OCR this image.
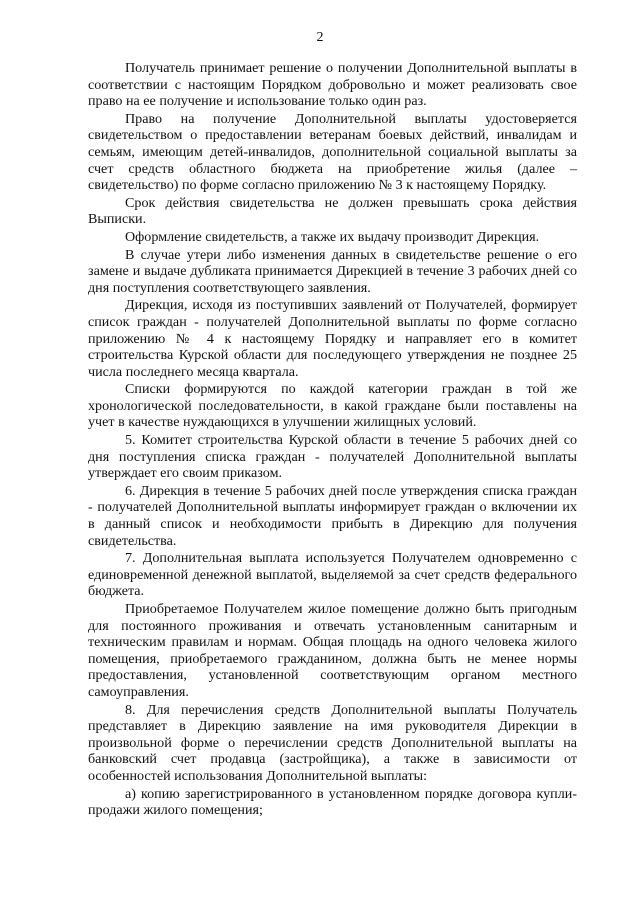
2

Получатель принимает решение о получении Дополнительной выплаты в соответствии с настоящим Порядком добровольно и может реализовать свое право на ее получение и использование только один раз.

Право на получение Дополнительной выплаты удостоверяется свидетельством о предоставлении ветеранам боевых действий, инвалидам и семьям, имеющим детей-инвалидов, дополнительной социальной выплаты за счет средств областного бюджета на приобретение жилья (далее – свидетельство) по форме согласно приложению № 3 к настоящему Порядку.

Срок действия свидетельства не должен превышать срока действия Выписки.

Оформление свидетельств, а также их выдачу производит Дирекция.

В случае утери либо изменения данных в свидетельстве решение о его замене и выдаче дубликата принимается Дирекцией в течение 3 рабочих дней со дня поступления соответствующего заявления.

Дирекция, исходя из поступивших заявлений от Получателей, формирует список граждан - получателей Дополнительной выплаты по форме согласно приложению № 4 к настоящему Порядку и направляет его в комитет строительства Курской области для последующего утверждения не позднее 25 числа последнего месяца квартала.

Списки формируются по каждой категории граждан в той же хронологической последовательности, в какой граждане были поставлены на учет в качестве нуждающихся в улучшении жилищных условий.

5. Комитет строительства Курской области в течение 5 рабочих дней со дня поступления списка граждан - получателей Дополнительной выплаты утверждает его своим приказом.

6. Дирекция в течение 5 рабочих дней после утверждения списка граждан - получателей Дополнительной выплаты информирует граждан о включении их в данный список и необходимости прибыть в Дирекцию для получения свидетельства.

7. Дополнительная выплата используется Получателем одновременно с единовременной денежной выплатой, выделяемой за счет средств федерального бюджета.

Приобретаемое Получателем жилое помещение должно быть пригодным для постоянного проживания и отвечать установленным санитарным и техническим правилам и нормам. Общая площадь на одного человека жилого помещения, приобретаемого гражданином, должна быть не менее нормы предоставления, установленной соответствующим органом местного самоуправления.

8. Для перечисления средств Дополнительной выплаты Получатель представляет в Дирекцию заявление на имя руководителя Дирекции в произвольной форме о перечислении средств Дополнительной выплаты на банковский счет продавца (застройщика), а также в зависимости от особенностей использования Дополнительной выплаты:

а) копию зарегистрированного в установленном порядке договора купли-продажи жилого помещения;
